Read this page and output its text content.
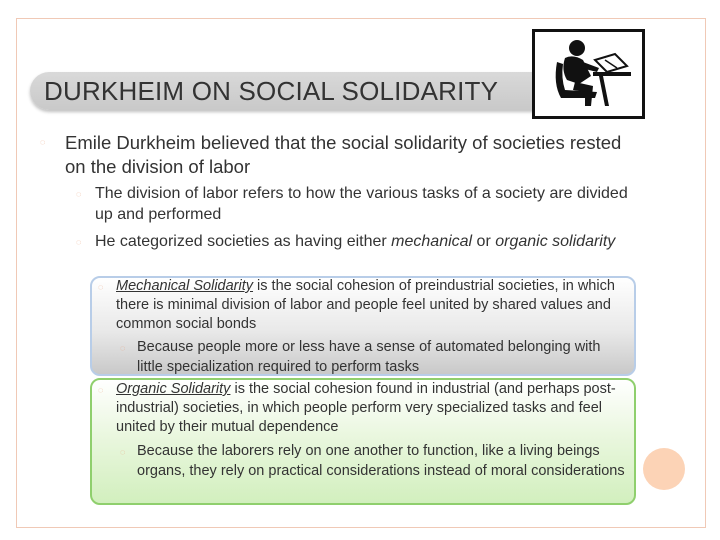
DURKHEIM ON SOCIAL SOLIDARITY
◌ Emile Durkheim believed that the social solidarity of societies rested on the division of labor
◌ The division of labor refers to how the various tasks of a society are divided up and performed
◌ He categorized societies as having either mechanical or organic solidarity
◌ Mechanical Solidarity is the social cohesion of preindustrial societies, in which there is minimal division of labor and people feel united by shared values and common social bonds
◌ Because people more or less have a sense of automated belonging with little specialization required to perform tasks
◌ Organic Solidarity is the social cohesion found in industrial (and perhaps post-industrial) societies, in which people perform very specialized tasks and feel united by their mutual dependence
◌ Because the laborers rely on one another to function, like a living beings organs, they rely on practical considerations instead of moral considerations
